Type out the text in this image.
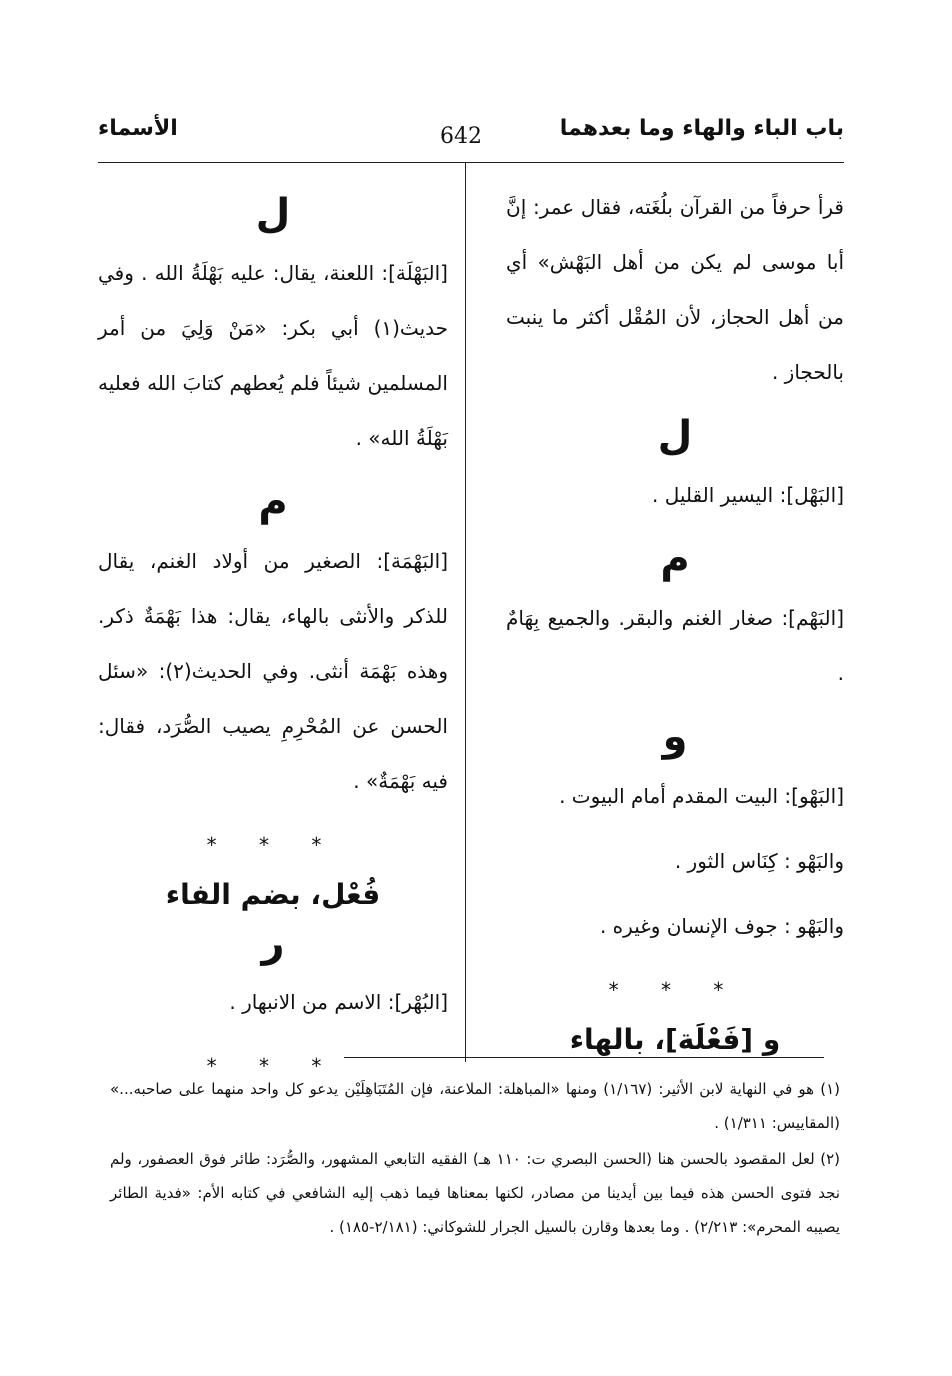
باب الباء والهاء وما بعدهما
642
الأسماء

قرأ حرفاً من القرآن بلُغَته، فقال عمر: إنَّ أبا موسى لم يكن من أهل البَهْش» أي من أهل الحجاز، لأن المُقْل أكثر ما ينبت بالحجاز .

ل

[البَهْل]: اليسير القليل .

م

[البَهْم]: صغار الغنم والبقر. والجميع بِهَامٌ .

و

[البَهْو]: البيت المقدم أمام البيوت .

والبَهْو : كِنَاس الثور .

والبَهْو : جوف الإنسان وغيره .

* * *
و [فَعْلَة]، بالهاء
ل

[البَهْلَة]: اللعنة، يقال: عليه بَهْلَةُ الله . وفي حديث(١) أبي بكر: «مَنْ وَلِيَ من أمر المسلمين شيئاً فلم يُعطهم كتابَ الله فعليه بَهْلَةُ الله» .

م

[البَهْمَة]: الصغير من أولاد الغنم، يقال للذكر والأنثى بالهاء، يقال: هذا بَهْمَةٌ ذكر. وهذه بَهْمَة أنثى. وفي الحديث(٢): «سئل الحسن عن المُحْرِمِ يصيب الصُّرَد، فقال: فيه بَهْمَةٌ» .

* * *
فُعْل، بضم الفاء
ر

[البُهْر]: الاسم من الانبهار .

* * *

(١) هو في النهاية لابن الأثير: (١/١٦٧) ومنها «المباهلة: الملاعنة، فإن المُتَبَاهِلَيْن يدعو كل واحد منهما على صاحبه...» (المقاييس: ١/٣١١) .

(٢) لعل المقصود بالحسن هنا (الحسن البصري ت: ١١٠ هـ) الفقيه التابعي المشهور، والصُّرَد: طائر فوق العصفور، ولم نجد فتوى الحسن هذه فيما بين أيدينا من مصادر، لكنها بمعناها فيما ذهب إليه الشافعي في كتابه الأم: «فدية الطائر يصيبه المحرم»: ٢/٢١٣) . وما بعدها وقارن بالسيل الجرار للشوكاني: (٢/١٨١-١٨٥) .
